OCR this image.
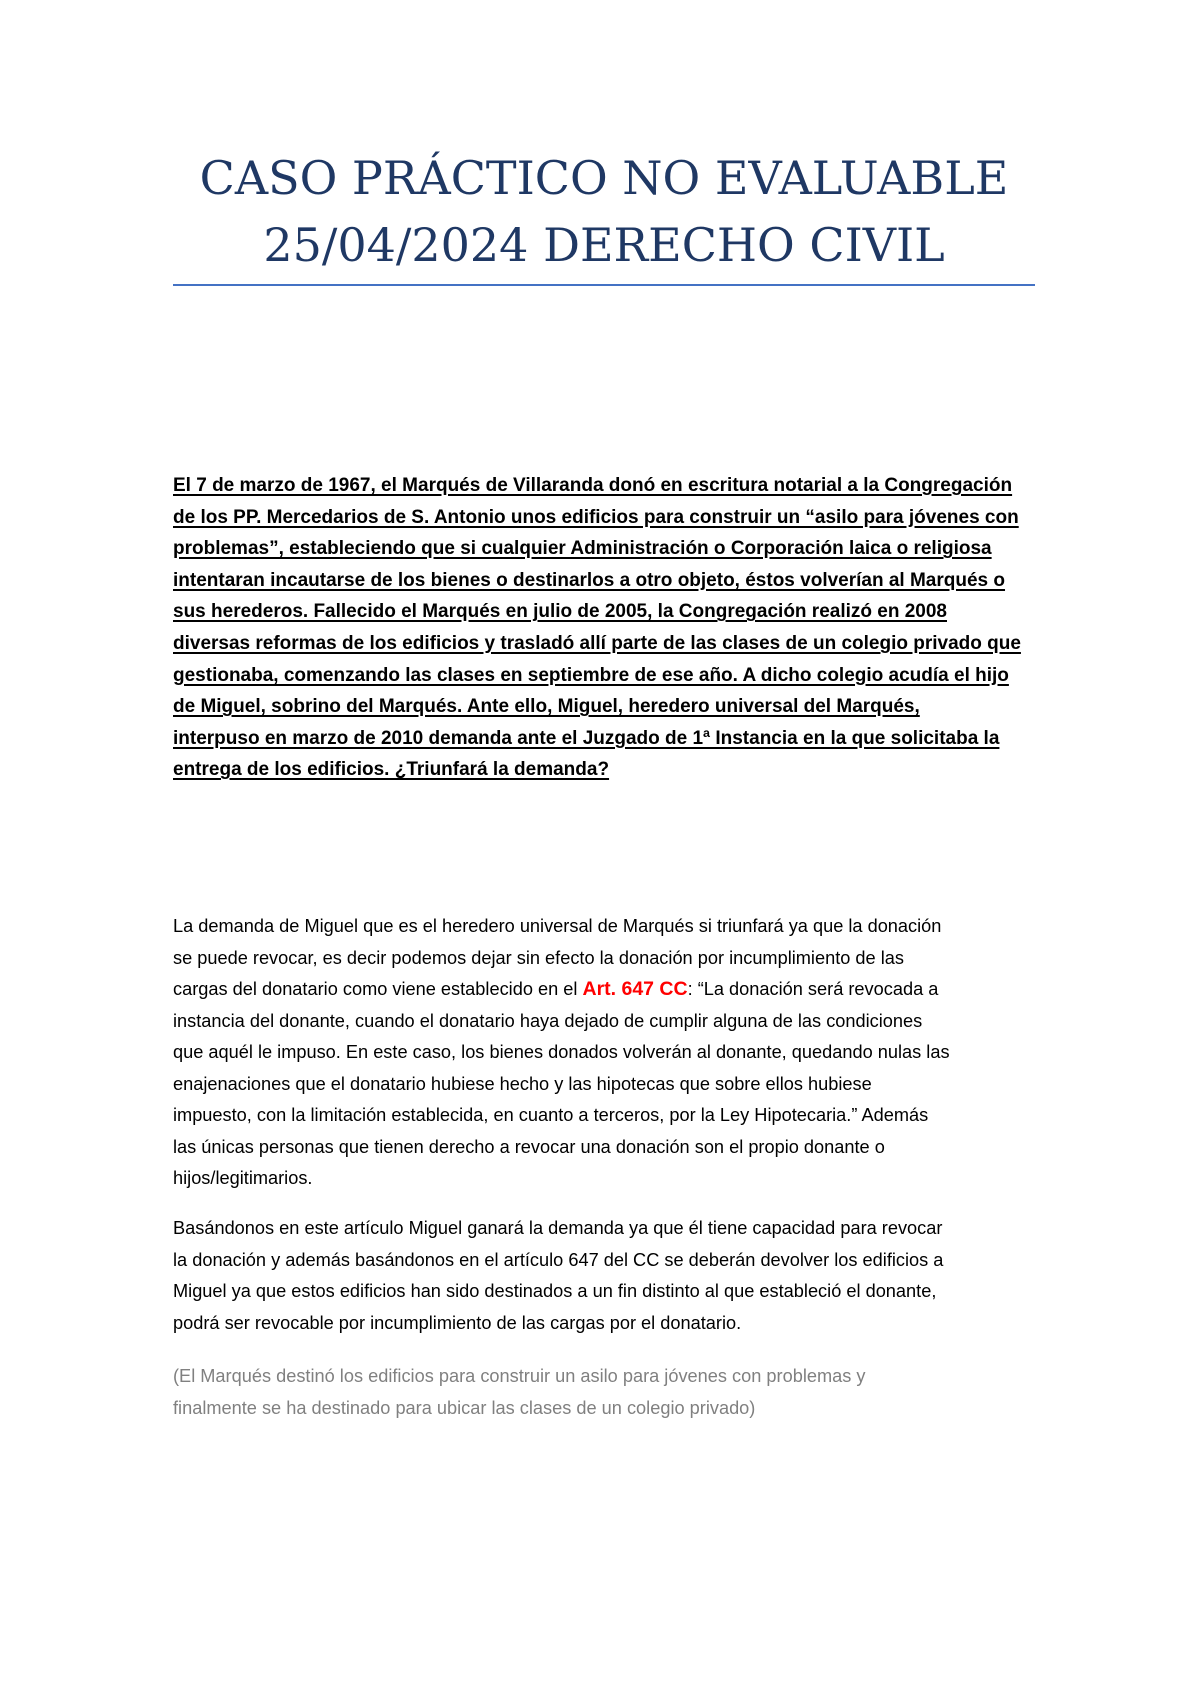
CASO PRÁCTICO NO EVALUABLE
25/04/2024 DERECHO CIVIL
El 7 de marzo de 1967, el Marqués de Villaranda donó en escritura notarial a la Congregación
de los PP. Mercedarios de S. Antonio unos edificios para construir un “asilo para jóvenes con
problemas”, estableciendo que si cualquier Administración o Corporación laica o religiosa
intentaran incautarse de los bienes o destinarlos a otro objeto, éstos volverían al Marqués o
sus herederos. Fallecido el Marqués en julio de 2005, la Congregación realizó en 2008
diversas reformas de los edificios y trasladó allí parte de las clases de un colegio privado que
gestionaba, comenzando las clases en septiembre de ese año. A dicho colegio acudía el hijo
de Miguel, sobrino del Marqués. Ante ello, Miguel, heredero universal del Marqués,
interpuso en marzo de 2010 demanda ante el Juzgado de 1ª Instancia en la que solicitaba la
entrega de los edificios. ¿Triunfará la demanda?
La demanda de Miguel que es el heredero universal de Marqués si triunfará ya que la donación
se puede revocar, es decir podemos dejar sin efecto la donación por incumplimiento de las
cargas del donatario como viene establecido en el Art. 647 CC: “La donación será revocada a
instancia del donante, cuando el donatario haya dejado de cumplir alguna de las condiciones
que aquél le impuso. En este caso, los bienes donados volverán al donante, quedando nulas las
enajenaciones que el donatario hubiese hecho y las hipotecas que sobre ellos hubiese
impuesto, con la limitación establecida, en cuanto a terceros, por la Ley Hipotecaria.” Además
las únicas personas que tienen derecho a revocar una donación son el propio donante o
hijos/legitimarios.
Basándonos en este artículo Miguel ganará la demanda ya que él tiene capacidad para revocar
la donación y además basándonos en el artículo 647 del CC se deberán devolver los edificios a
Miguel ya que estos edificios han sido destinados a un fin distinto al que estableció el donante,
podrá ser revocable por incumplimiento de las cargas por el donatario.
(El Marqués destinó los edificios para construir un asilo para jóvenes con problemas y
finalmente se ha destinado para ubicar las clases de un colegio privado)
